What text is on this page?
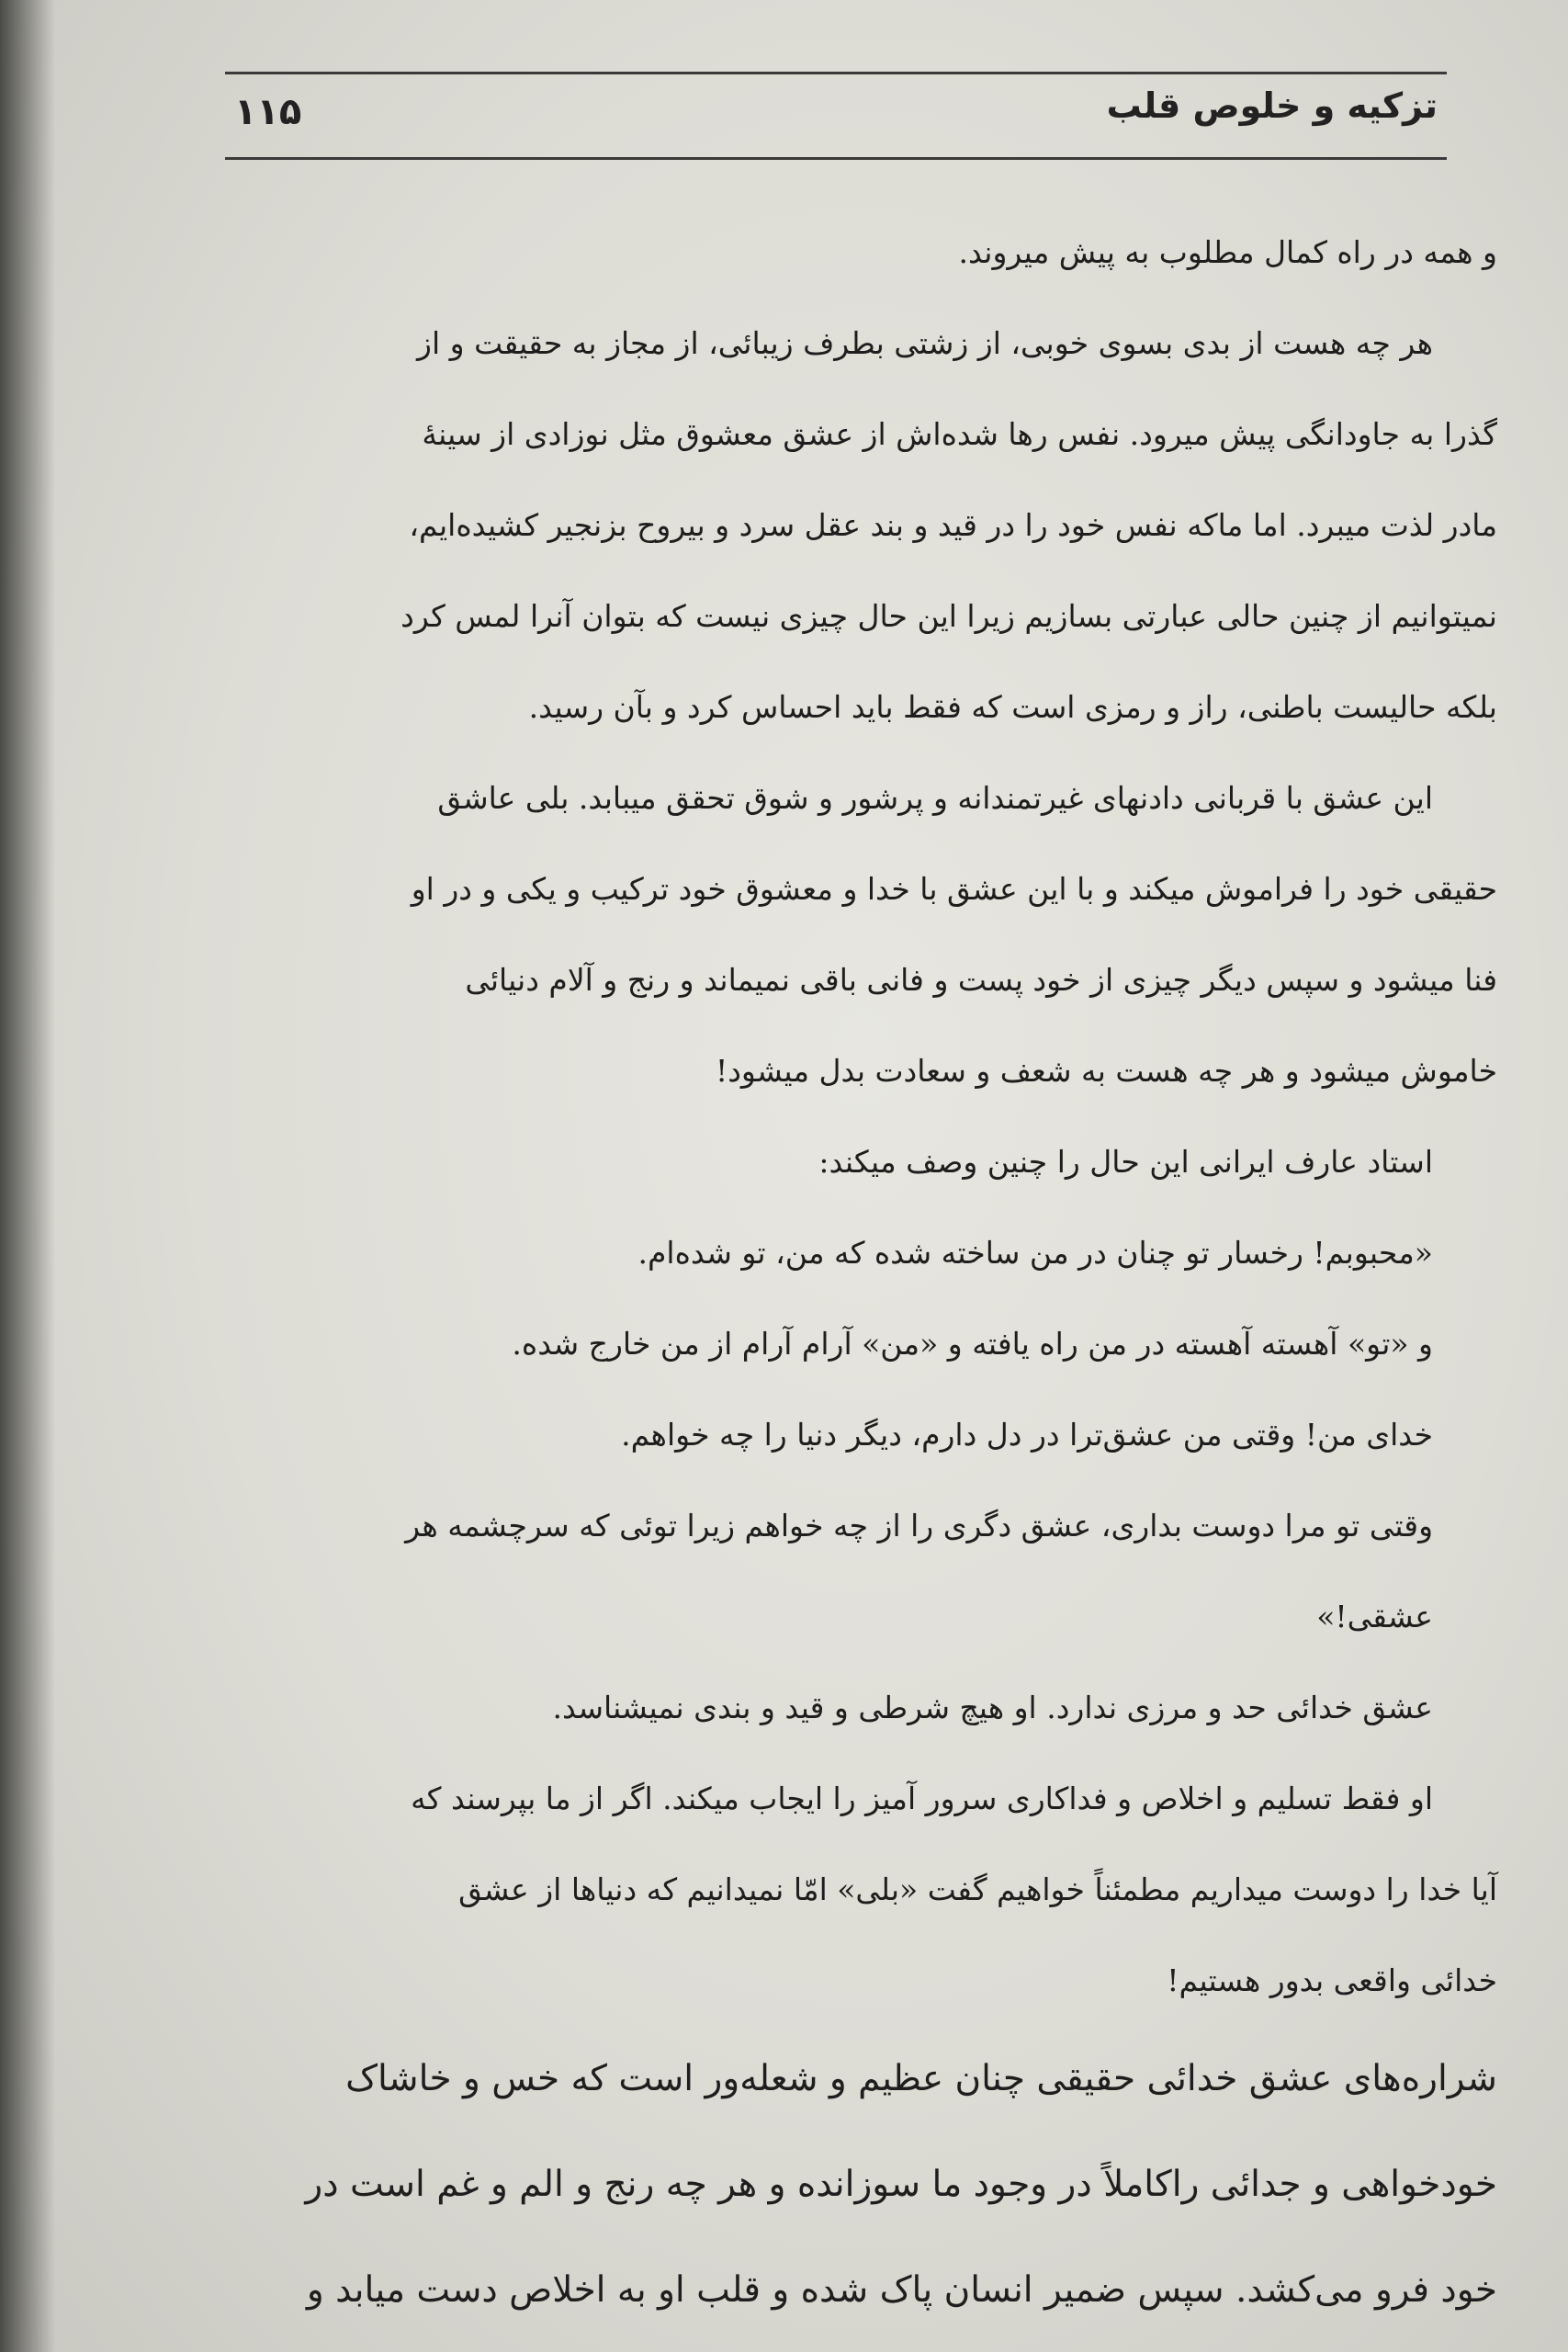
۱۱۵	تزکیه و خلوص قلب
و همه در راه کمال مطلوب به پیش میروند.
هر چه هست از بدی بسوی خوبی، از زشتی بطرف زیبائی، از مجاز به حقیقت و از
گذرا به جاودانگی پیش میرود. نفس رها شده‌اش از عشق معشوق مثل نوزادی از سینهٔ
مادر لذت میبرد. اما ماکه نفس خود را در قید و بند عقل سرد و بیروح بزنجیر کشیده‌ایم،
نمیتوانیم از چنین حالی عبارتی بسازیم زیرا این حال چیزی نیست که بتوان آنرا لمس کرد
بلکه حالیست باطنی، راز و رمزی است که فقط باید احساس کرد و بآن رسید.
این عشق با قربانی دادنهای غیرتمندانه و پرشور و شوق تحقق میبابد. بلی عاشق
حقیقی خود را فراموش میکند و با این عشق با خدا و معشوق خود ترکیب و یکی و در او
فنا میشود و سپس دیگر چیزی از خود پست و فانی باقی نمیماند و رنج و آلام دنیائی
خاموش میشود و هر چه هست به شعف و سعادت بدل میشود!
استاد عارف ایرانی این حال را چنین وصف میکند:
«محبوبم! رخسار تو چنان در من ساخته شده که من، تو شده‌ام.
و «تو» آهسته آهسته در من راه یافته و «من» آرام آرام از من خارج شده.
خدای من! وقتی من عشق‌ترا در دل دارم، دیگر دنیا را چه خواهم.
وقتی تو مرا دوست بداری، عشق دگری را از چه خواهم زیرا توئی که سرچشمه هر
عشقی!»
عشق خدائی حد و مرزی ندارد. او هیچ شرطی و قید و بندی نمیشناسد.
او فقط تسلیم و اخلاص و فداکاری سرور آمیز را ایجاب میکند. اگر از ما بپرسند که
آیا خدا را دوست میداریم مطمئناً خواهیم گفت «بلی» امّا نمیدانیم که دنیاها از عشق
خدائی واقعی بدور هستیم!
شراره‌های عشق خدائی حقیقی چنان عظیم و شعله‌ور است که خس و خاشاک
خودخواهی و جدائی راکاملاً در وجود ما سوزانده و هر چه رنج و الم و غم است در
خود فرو می‌کشد. سپس ضمیر انسان پاک شده و قلب او به اخلاص دست میابد و
